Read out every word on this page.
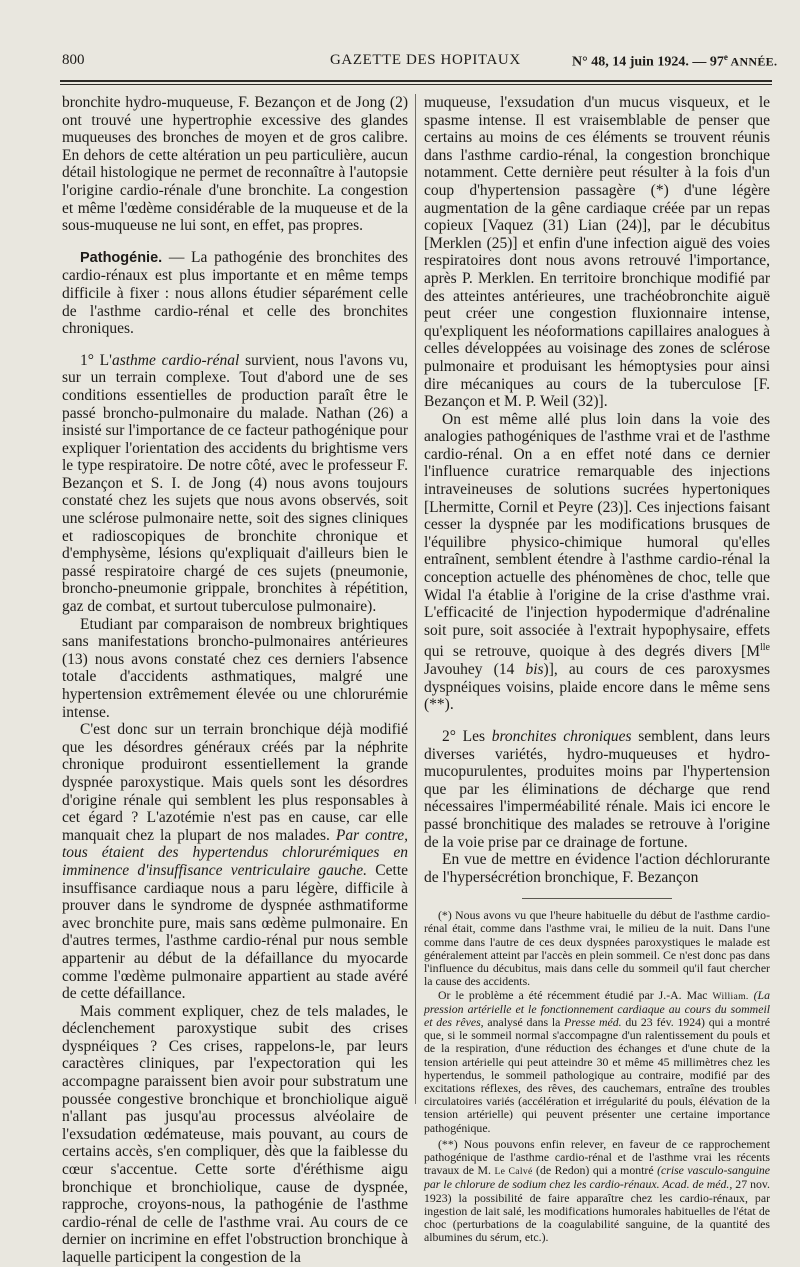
800	GAZETTE DES HOPITAUX	N° 48, 14 juin 1924. — 97e ANNÉE.

bronchite hydro-muqueuse, F. Bezançon et de Jong (2) ont trouvé une hypertrophie excessive des glandes muqueuses des bronches de moyen et de gros calibre. En dehors de cette altération un peu particulière, aucun détail histologique ne permet de reconnaître à l'autopsie l'origine cardio-rénale d'une bronchite. La congestion et même l'œdème considérable de la muqueuse et de la sous-muqueuse ne lui sont, en effet, pas propres.

Pathogénie. — La pathogénie des bronchites des cardio-rénaux est plus importante et en même temps difficile à fixer : nous allons étudier séparément celle de l'asthme cardio-rénal et celle des bronchites chroniques.

1° L'asthme cardio-rénal survient, nous l'avons vu, sur un terrain complexe. Tout d'abord une de ses conditions essentielles de production paraît être le passé broncho-pulmonaire du malade. Nathan (26) a insisté sur l'importance de ce facteur pathogénique pour expliquer l'orientation des accidents du brightisme vers le type respiratoire. De notre côté, avec le professeur F. Bezançon et S. I. de Jong (4) nous avons toujours constaté chez les sujets que nous avons observés, soit une sclérose pulmonaire nette, soit des signes cliniques et radioscopiques de bronchite chronique et d'emphysème, lésions qu'expliquait d'ailleurs bien le passé respiratoire chargé de ces sujets (pneumonie, broncho-pneumonie grippale, bronchites à répétition, gaz de combat, et surtout tuberculose pulmonaire).

Etudiant par comparaison de nombreux brightiques sans manifestations broncho-pulmonaires antérieures (13) nous avons constaté chez ces derniers l'absence totale d'accidents asthmatiques, malgré une hypertension extrêmement élevée ou une chlorurémie intense.

C'est donc sur un terrain bronchique déjà modifié que les désordres généraux créés par la néphrite chronique produiront essentiellement la grande dyspnée paroxystique. Mais quels sont les désordres d'origine rénale qui semblent les plus responsables à cet égard ? L'azotémie n'est pas en cause, car elle manquait chez la plupart de nos malades. Par contre, tous étaient des hypertendus chlorurémiques en imminence d'insuffisance ventriculaire gauche. Cette insuffisance cardiaque nous a paru légère, difficile à prouver dans le syndrome de dyspnée asthmatiforme avec bronchite pure, mais sans œdème pulmonaire. En d'autres termes, l'asthme cardio-rénal pur nous semble appartenir au début de la défaillance du myocarde comme l'œdème pulmonaire appartient au stade avéré de cette défaillance.

Mais comment expliquer, chez de tels malades, le déclenchement paroxystique subit des crises dyspnéiques ? Ces crises, rappelons-le, par leurs caractères cliniques, par l'expectoration qui les accompagne paraissent bien avoir pour substratum une poussée congestive bronchique et bronchiolique aiguë n'allant pas jusqu'au processus alvéolaire de l'exsudation œdémateuse, mais pouvant, au cours de certains accès, s'en compliquer, dès que la faiblesse du cœur s'accentue. Cette sorte d'éréthisme aigu bronchique et bronchiolique, cause de dyspnée, rapproche, croyons-nous, la pathogénie de l'asthme cardio-rénal de celle de l'asthme vrai. Au cours de ce dernier on incrimine en effet l'obstruction bronchique à laquelle participent la congestion de la

muqueuse, l'exsudation d'un mucus visqueux, et le spasme intense. Il est vraisemblable de penser que certains au moins de ces éléments se trouvent réunis dans l'asthme cardio-rénal, la congestion bronchique notamment. Cette dernière peut résulter à la fois d'un coup d'hypertension passagère (*) d'une légère augmentation de la gêne cardiaque créée par un repas copieux [Vaquez (31) Lian (24)], par le décubitus [Merklen (25)] et enfin d'une infection aiguë des voies respiratoires dont nous avons retrouvé l'importance, après P. Merklen. En territoire bronchique modifié par des atteintes antérieures, une trachéobronchite aiguë peut créer une congestion fluxionnaire intense, qu'expliquent les néoformations capillaires analogues à celles développées au voisinage des zones de sclérose pulmonaire et produisant les hémoptysies pour ainsi dire mécaniques au cours de la tuberculose [F. Bezançon et M. P. Weil (32)].

On est même allé plus loin dans la voie des analogies pathogéniques de l'asthme vrai et de l'asthme cardio-rénal. On a en effet noté dans ce dernier l'influence curatrice remarquable des injections intraveineuses de solutions sucrées hypertoniques [Lhermitte, Cornil et Peyre (23)]. Ces injections faisant cesser la dyspnée par les modifications brusques de l'équilibre physico-chimique humoral qu'elles entraînent, semblent étendre à l'asthme cardio-rénal la conception actuelle des phénomènes de choc, telle que Widal l'a établie à l'origine de la crise d'asthme vrai. L'efficacité de l'injection hypodermique d'adrénaline soit pure, soit associée à l'extrait hypophysaire, effets qui se retrouve, quoique à des degrés divers [$M^{lle}$ Javouhey (14 bis)], au cours de ces paroxysmes dyspnéiques voisins, plaide encore dans le même sens (**).

2° Les bronchites chroniques semblent, dans leurs diverses variétés, hydro-muqueuses et hydro-mucopurulentes, produites moins par l'hypertension que par les éliminations de décharge que rend nécessaires l'imperméabilité rénale. Mais ici encore le passé bronchitique des malades se retrouve à l'origine de la voie prise par ce drainage de fortune.

En vue de mettre en évidence l'action déchlorurante de l'hypersécrétion bronchique, F. Bezançon

(*) Nous avons vu que l'heure habituelle du début de l'asthme cardio-rénal était, comme dans l'asthme vrai, le milieu de la nuit. Dans l'une comme dans l'autre de ces deux dyspnées paroxystiques le malade est généralement atteint par l'accès en plein sommeil. Ce n'est donc pas dans l'influence du décubitus, mais dans celle du sommeil qu'il faut chercher la cause des accidents.

Or le problème a été récemment étudié par J.-A. Mac William. (La pression artérielle et le fonctionnement cardiaque au cours du sommeil et des rêves, analysé dans la Presse méd. du 23 fév. 1924) qui a montré que, si le sommeil normal s'accompagne d'un ralentissement du pouls et de la respiration, d'une réduction des échanges et d'une chute de la tension artérielle qui peut atteindre 30 et même 45 millimètres chez les hypertendus, le sommeil pathologique au contraire, modifié par des excitations réflexes, des rêves, des cauchemars, entraîne des troubles circulatoires variés (accélération et irrégularité du pouls, élévation de la tension artérielle) qui peuvent présenter une certaine importance pathogénique.

(**) Nous pouvons enfin relever, en faveur de ce rapprochement pathogénique de l'asthme cardio-rénal et de l'asthme vrai les récents travaux de M. Le Calvé (de Redon) qui a montré (crise vasculo-sanguine par le chlorure de sodium chez les cardio-rénaux. Acad. de méd., 27 nov. 1923) la possibilité de faire apparaître chez les cardio-rénaux, par ingestion de lait salé, les modifications humorales habituelles de l'état de choc (perturbations de la coagulabilité sanguine, de la quantité des albumines du sérum, etc.).
